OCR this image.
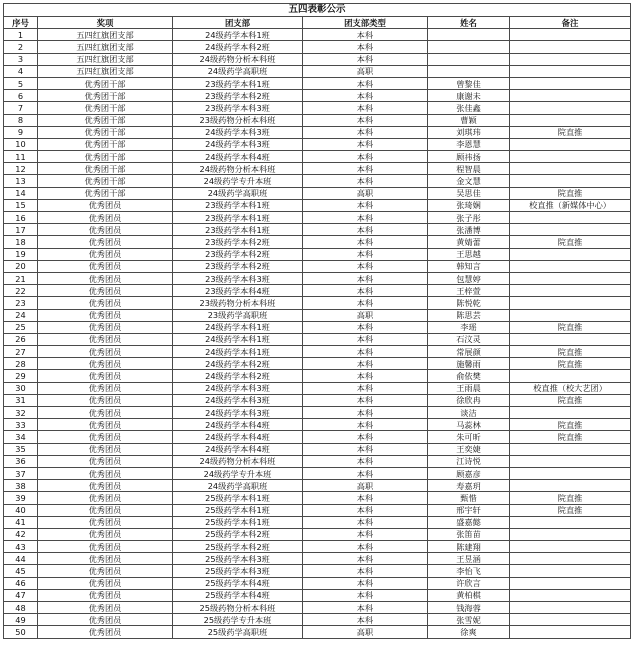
五四表彰公示					
序号	奖项	团支部	团支部类型	姓名	备注
1	五四红旗团支部	24级药学本科1班	本科		
2	五四红旗团支部	24级药学本科2班	本科		
3	五四红旗团支部	24级药物分析本科班	本科		
4	五四红旗团支部	24级药学高职班	高职		
5	优秀团干部	23级药学本科1班	本科	曾黎佳	
6	优秀团干部	23级药学本科2班	本科	康谢未	
7	优秀团干部	23级药学本科3班	本科	张佳鑫	
8	优秀团干部	23级药物分析本科班	本科	曹颖	
9	优秀团干部	24级药学本科3班	本科	刘琪玮	院直推
10	优秀团干部	24级药学本科3班	本科	李恩慧	
11	优秀团干部	24级药学本科4班	本科	顾祎扬	
12	优秀团干部	24级药物分析本科班	本科	程智晨	
13	优秀团干部	24级药学专升本班	本科	金文慧	
14	优秀团干部	24级药学高职班	高职	吴思佳	院直推
15	优秀团员	23级药学本科1班	本科	张琦娴	校直推（新媒体中心）
16	优秀团员	23级药学本科1班	本科	张子彤	
17	优秀团员	23级药学本科1班	本科	张潘博	
18	优秀团员	23级药学本科2班	本科	黄婧蕾	院直推
19	优秀团员	23级药学本科2班	本科	王思越	
20	优秀团员	23级药学本科2班	本科	韩知言	
21	优秀团员	23级药学本科3班	本科	包慧婷	
22	优秀团员	23级药学本科4班	本科	王梓萱	
23	优秀团员	23级药物分析本科班	本科	陈悦乾	
24	优秀团员	23级药学高职班	高职	陈思芸	
25	优秀团员	24级药学本科1班	本科	李瑶	院直推
26	优秀团员	24级药学本科1班	本科	石汶灵	
27	优秀团员	24级药学本科1班	本科	常展颜	院直推
28	优秀团员	24级药学本科2班	本科	施馨雨	院直推
29	优秀团员	24级药学本科2班	本科	俞依樊	
30	优秀团员	24级药学本科3班	本科	王雨晨	校直推（校大艺团）
31	优秀团员	24级药学本科3班	本科	徐欣冉	院直推
32	优秀团员	24级药学本科3班	本科	谈洁	
33	优秀团员	24级药学本科4班	本科	马蕊林	院直推
34	优秀团员	24级药学本科4班	本科	朱可昕	院直推
35	优秀团员	24级药学本科4班	本科	王奕婕	
36	优秀团员	24级药物分析本科班	本科	江诗悦	
37	优秀团员	24级药学专升本班	本科	顾嘉彦	
38	优秀团员	24级药学高职班	高职	寿嘉玥	
39	优秀团员	25级药学本科1班	本科	甄惜	院直推
40	优秀团员	25级药学本科1班	本科	邢宇轩	院直推
41	优秀团员	25级药学本科1班	本科	盛嘉懿	
42	优秀团员	25级药学本科2班	本科	张笛苗	
43	优秀团员	25级药学本科2班	本科	陈建翔	
44	优秀团员	25级药学本科3班	本科	王昱涵	
45	优秀团员	25级药学本科3班	本科	李怡飞	
46	优秀团员	25级药学本科4班	本科	许欣言	
47	优秀团员	25级药学本科4班	本科	黄柏棋	
48	优秀团员	25级药物分析本科班	本科	钱海蓉	
49	优秀团员	25级药学专升本班	本科	张雪妮	
50	优秀团员	25级药学高职班	高职	徐爽	
